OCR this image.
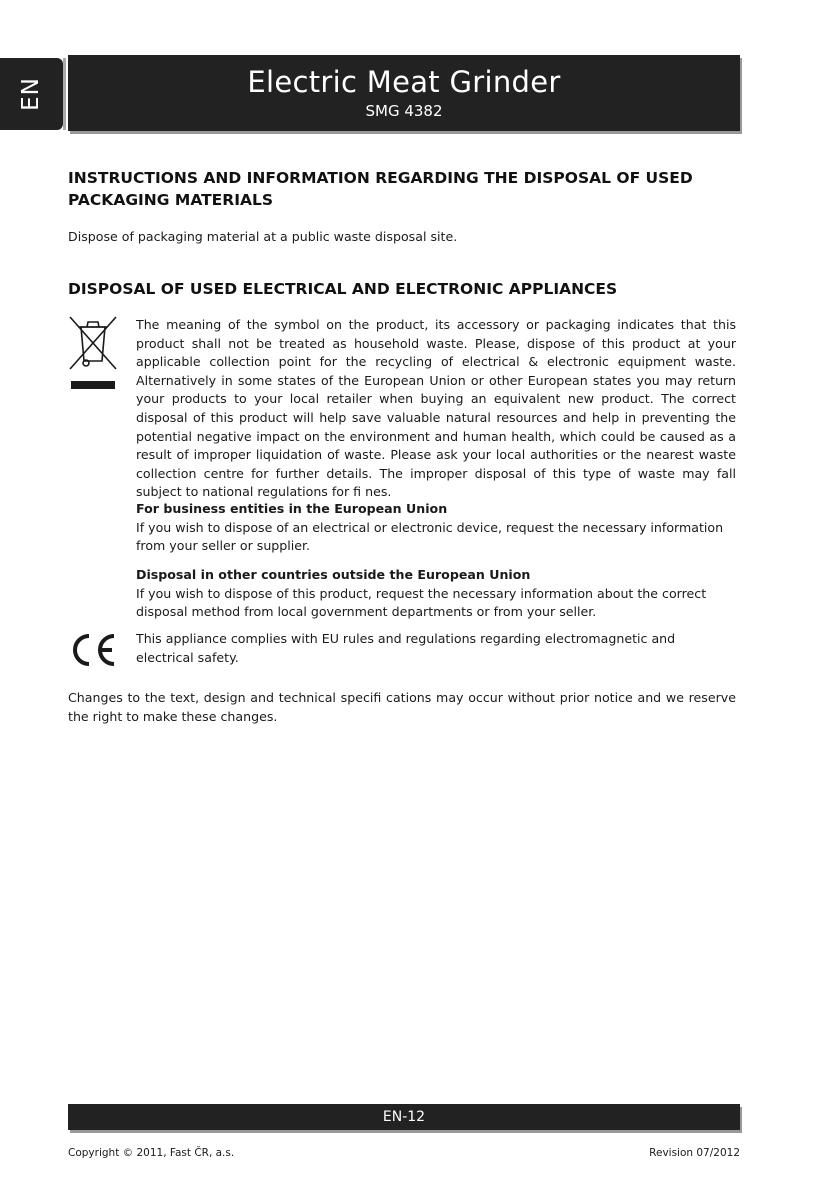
EN	Electric Meat Grinder
SMG 4382
INSTRUCTIONS AND INFORMATION REGARDING THE DISPOSAL OF USED
PACKAGING MATERIALS

Dispose of packaging material at a public waste disposal site.

DISPOSAL OF USED ELECTRICAL AND ELECTRONIC APPLIANCES

The meaning of the symbol on the product, its accessory or packaging indicates that this product shall not be treated as household waste. Please, dispose of this product at your applicable collection point for the recycling of electrical & electronic equipment waste. Alternatively in some states of the European Union or other European states you may return your products to your local retailer when buying an equivalent new product. The correct disposal of this product will help save valuable natural resources and help in preventing the potential negative impact on the environment and human health, which could be caused as a result of improper liquidation of waste. Please ask your local authorities or the nearest waste collection centre for further details. The improper disposal of this type of waste may fall subject to national regulations for fi nes.

For business entities in the European Union
If you wish to dispose of an electrical or electronic device, request the necessary information from your seller or supplier.

Disposal in other countries outside the European Union
If you wish to dispose of this product, request the necessary information about the correct disposal method from local government departments or from your seller.

This appliance complies with EU rules and regulations regarding electromagnetic and electrical safety.

Changes to the text, design and technical specifi cations may occur without prior notice and we reserve the right to make these changes.

EN-12
Copyright © 2011, Fast ČR, a.s.	Revision 07/2012
